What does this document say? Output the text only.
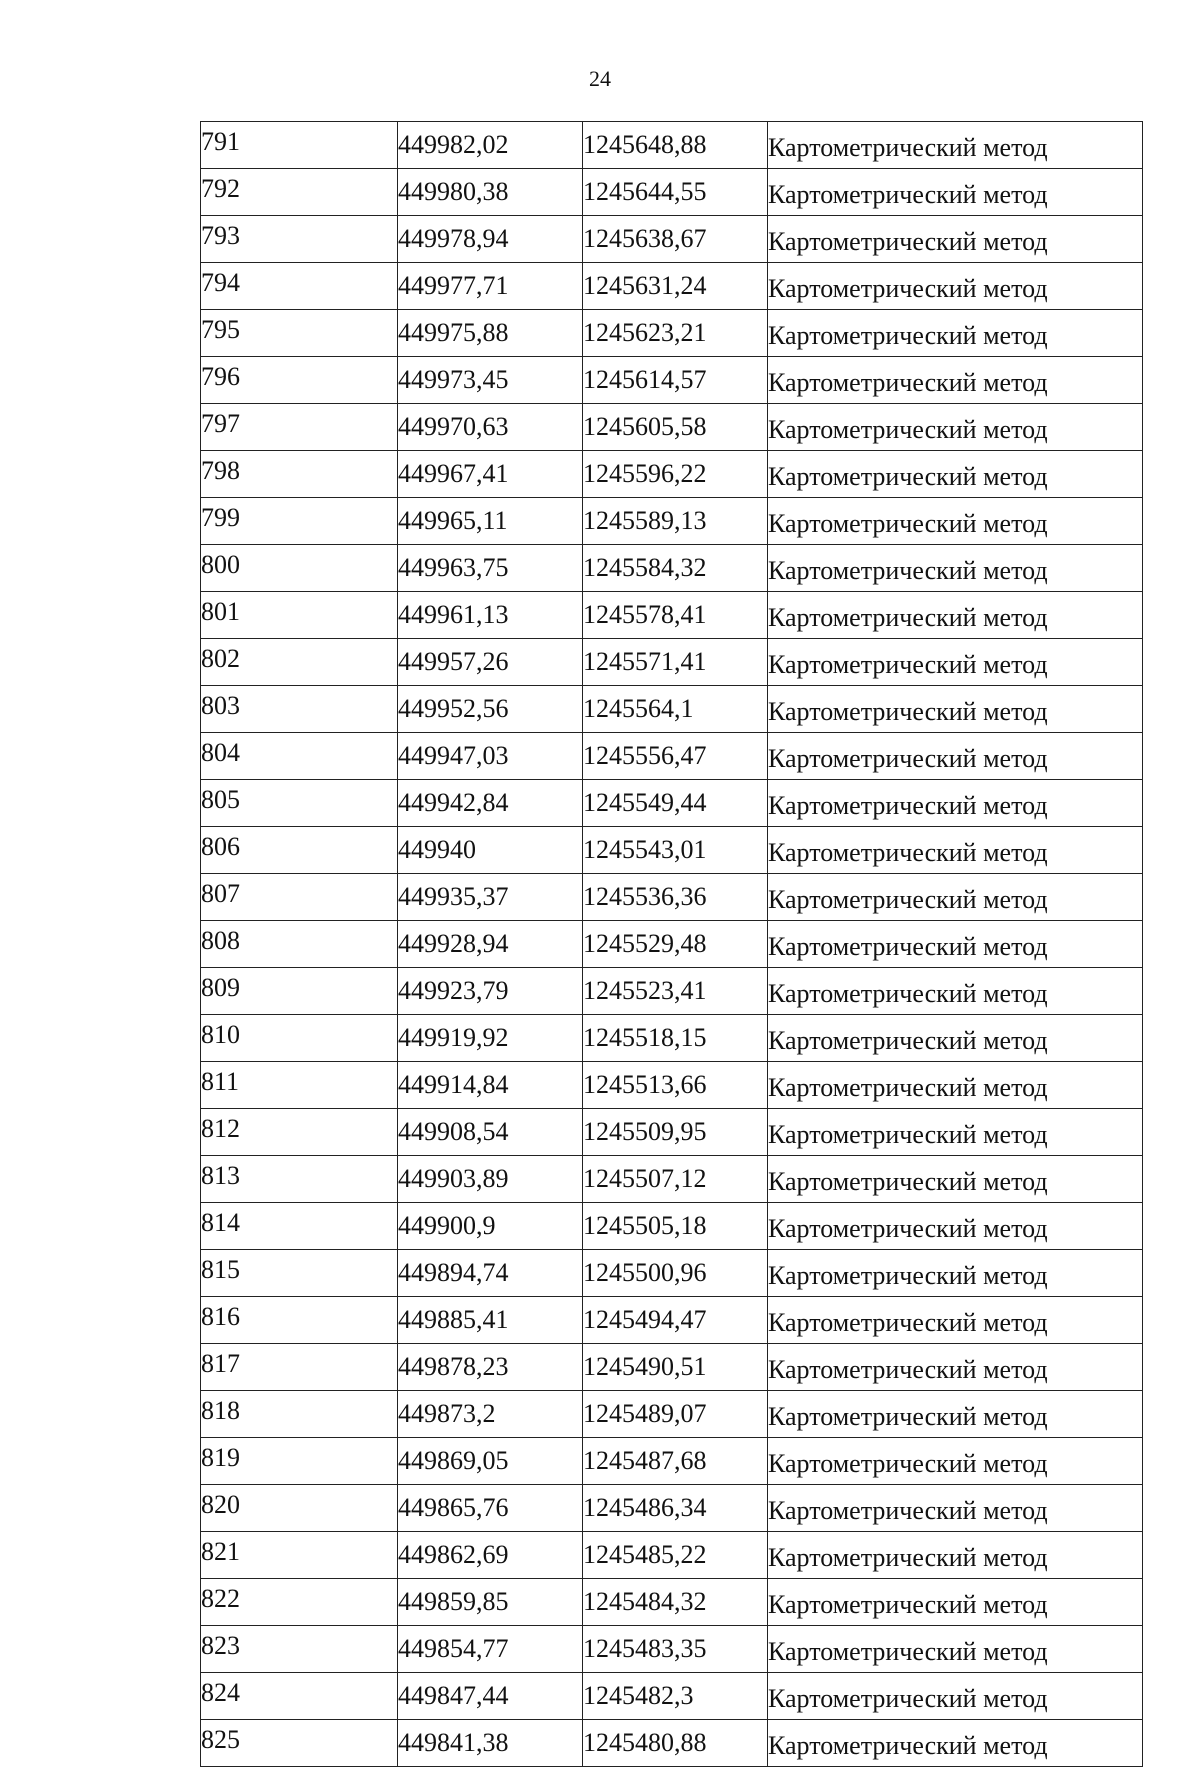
24
791	449982,02	1245648,88	Картометрический метод
792	449980,38	1245644,55	Картометрический метод
793	449978,94	1245638,67	Картометрический метод
794	449977,71	1245631,24	Картометрический метод
795	449975,88	1245623,21	Картометрический метод
796	449973,45	1245614,57	Картометрический метод
797	449970,63	1245605,58	Картометрический метод
798	449967,41	1245596,22	Картометрический метод
799	449965,11	1245589,13	Картометрический метод
800	449963,75	1245584,32	Картометрический метод
801	449961,13	1245578,41	Картометрический метод
802	449957,26	1245571,41	Картометрический метод
803	449952,56	1245564,1	Картометрический метод
804	449947,03	1245556,47	Картометрический метод
805	449942,84	1245549,44	Картометрический метод
806	449940	1245543,01	Картометрический метод
807	449935,37	1245536,36	Картометрический метод
808	449928,94	1245529,48	Картометрический метод
809	449923,79	1245523,41	Картометрический метод
810	449919,92	1245518,15	Картометрический метод
811	449914,84	1245513,66	Картометрический метод
812	449908,54	1245509,95	Картометрический метод
813	449903,89	1245507,12	Картометрический метод
814	449900,9	1245505,18	Картометрический метод
815	449894,74	1245500,96	Картометрический метод
816	449885,41	1245494,47	Картометрический метод
817	449878,23	1245490,51	Картометрический метод
818	449873,2	1245489,07	Картометрический метод
819	449869,05	1245487,68	Картометрический метод
820	449865,76	1245486,34	Картометрический метод
821	449862,69	1245485,22	Картометрический метод
822	449859,85	1245484,32	Картометрический метод
823	449854,77	1245483,35	Картометрический метод
824	449847,44	1245482,3	Картометрический метод
825	449841,38	1245480,88	Картометрический метод
